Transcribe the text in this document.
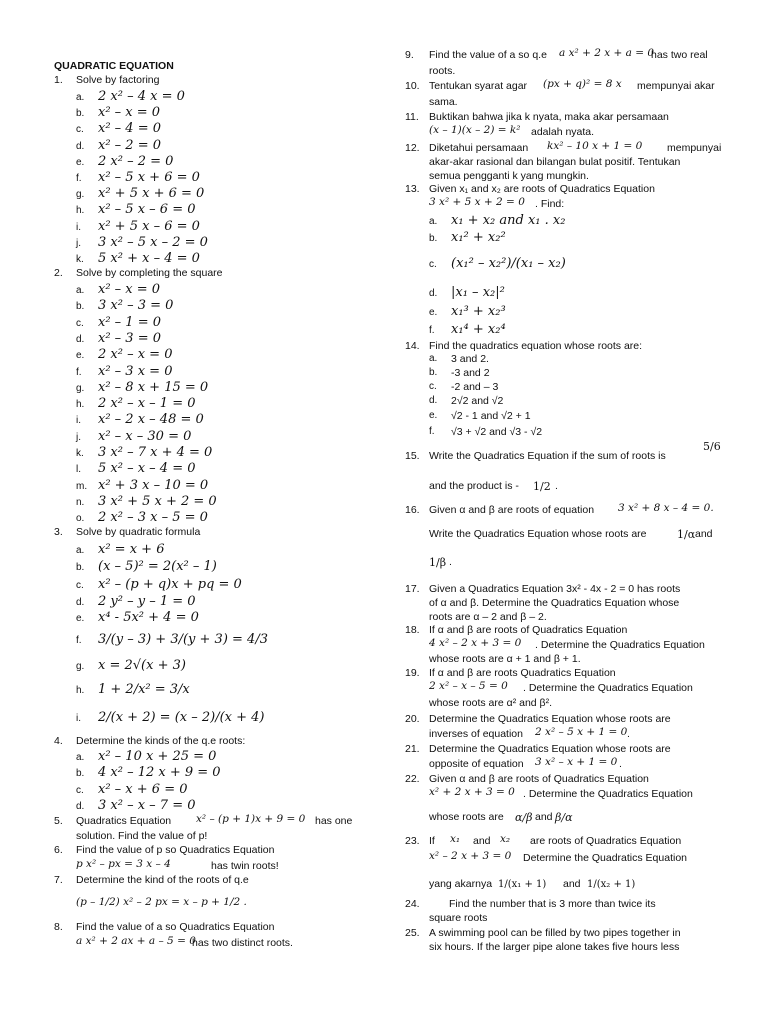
QUADRATIC EQUATION
1.	Solve by factoring
a. 2 x² – 4 x = 0
b. x² – x = 0
c. x² – 4 = 0
d. x² – 2 = 0
e. 2 x² – 2 = 0
f. x² – 5 x + 6 = 0
g. x² + 5 x + 6 = 0
h. x² – 5 x – 6 = 0
i. x² + 5 x – 6 = 0
j. 3 x² – 5 x – 2 = 0
k. 5 x² + x – 4 = 0
2.	Solve by completing the square
a. x² – x = 0
b. 3 x² – 3 = 0
c. x² – 1 = 0
d. x² – 3 = 0
e. 2 x² – x = 0
f. x² – 3 x = 0
g. x² – 8 x + 15 = 0
h. 2 x² – x – 1 = 0
i. x² – 2 x – 48 = 0
j. x² – x – 30 = 0
k. 3 x² – 7 x + 4 = 0
l. 5 x² – x – 4 = 0
m. x² + 3 x – 10 = 0
n. 3 x² + 5 x + 2 = 0
o. 2 x² – 3 x – 5 = 0
3.	Solve by quadratic formula
a. x² = x + 6
b. (x – 5)² = 2(x² – 1)
c. x² – (p + q)x + pq = 0
d. 2 y² – y – 1 = 0
e. x⁴ - 5x² + 4 = 0
f. 3/(y – 3) + 3/(y + 3) = 4/3
g. x = 2√(x + 3)
h. 1 + 2/x² = 3/x
i. 2/(x + 2) = (x – 2)/(x + 4)
4.	Determine the kinds of the q.e roots:
a. x² – 10 x + 25 = 0
b. 4 x² – 12 x + 9 = 0
c. x² – x + 6 = 0
d. 3 x² – x – 7 = 0
5.	Quadratics Equation x² – (p + 1)x + 9 = 0 has one
solution. Find the value of p!
6.	Find the value of p so Quadratics Equation
p x² – px = 3 x – 4	has twin roots!
7.	Determine the kind of the roots of q.e
(p – 1/2) x² – 2 px = x – p + 1/2 .
8.	Find the value of a so Quadratics Equation
a x² + 2 ax + a – 5 = 0
has two distinct roots.
9.	Find the value of a so q.e a x² + 2 x + a = 0
has two real
roots.
10. Tentukan syarat agar (px + q)² = 8 x mempunyai akar
sama.
11. Buktikan bahwa jika k nyata, maka akar persamaan
(x – 1)(x – 2) = k² adalah nyata.
12. Diketahui persamaan kx² – 10 x + 1 = 0 mempunyai
akar-akar rasional dan bilangan bulat positif. Tentukan
semua pengganti k yang mungkin.
13. Given x₁ and x₂ are roots of Quadratics Equation
3 x² + 5 x + 2 = 0 . Find:
a. x₁ + x₂ and x₁ . x₂
b. x₁² + x₂²
c. (x₁² – x₂²)/(x₁ – x₂)
d. |x₁ – x₂|²
e. x₁³ + x₂³
f. x₁⁴ + x₂⁴
14. Find the quadratics equation whose roots are:
a. 3 and 2.
b. -3 and 2
c. -2 and – 3
d. 2√2 and √2
e. √2 - 1 and √2 + 1
f. √3 + √2 and √3 - √2
15. Write the Quadratics Equation if the sum of roots is
5/6
and the product is - 1/2 .
16. Given α and β are roots of equation 3 x² + 8 x – 4 = 0.
Write the Quadratics Equation whose roots are	1/α and
1/β .
17. Given a Quadratics Equation 3x² - 4x - 2 = 0 has roots
of α and β. Determine the Quadratics Equation whose
roots are α – 2 and β – 2.
18. If α and β are roots of Quadratics Equation
4 x² – 2 x + 3 = 0 . Determine the Quadratics Equation
whose roots are α + 1 and β + 1.
19. If α and β are roots Quadratics Equation
2 x² – x – 5 = 0 . Determine the Quadratics Equation
whose roots are α² and β².
20. Determine the Quadratics Equation whose roots are
inverses of equation 2 x² – 5 x + 1 = 0 .
21. Determine the Quadratics Equation whose roots are
opposite of equation 3 x² – x + 1 = 0 .
22. Given α and β are roots of Quadratics Equation
x² + 2 x + 3 = 0 . Determine the Quadratics Equation
whose roots are α/β and β/α
23. If x₁ and x₂ are roots of Quadratics Equation
x² – 2 x + 3 = 0 Determine the Quadratics Equation
yang akarnya 1/(x₁ + 1) and 1/(x₂ + 1)
24.	Find the number that is 3 more than twice its
square roots
25. A swimming pool can be filled by two pipes together in
six hours. If the larger pipe alone takes five hours less
